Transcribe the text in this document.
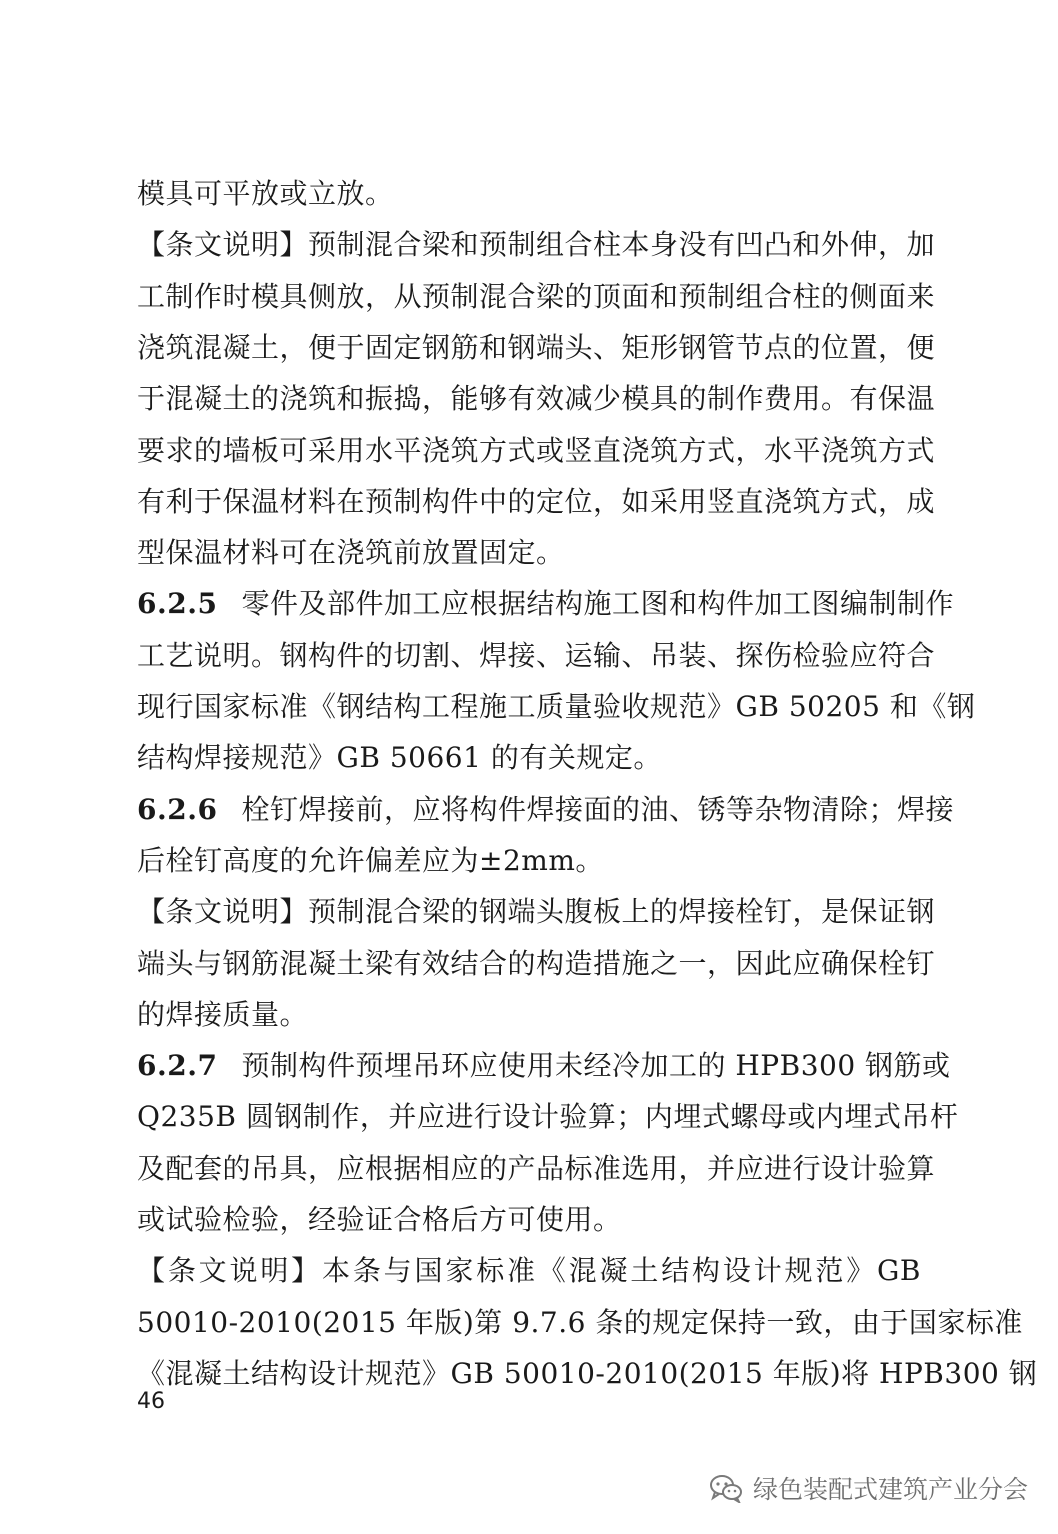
模具可平放或立放。
【条文说明】预制混合梁和预制组合柱本身没有凹凸和外伸，加
工制作时模具侧放，从预制混合梁的顶面和预制组合柱的侧面来
浇筑混凝土，便于固定钢筋和钢端头、矩形钢管节点的位置，便
于混凝土的浇筑和振捣，能够有效减少模具的制作费用。有保温
要求的墙板可采用水平浇筑方式或竖直浇筑方式，水平浇筑方式
有利于保温材料在预制构件中的定位，如采用竖直浇筑方式，成
型保温材料可在浇筑前放置固定。
6.2.5 零件及部件加工应根据结构施工图和构件加工图编制制作
工艺说明。钢构件的切割、焊接、运输、吊装、探伤检验应符合
现行国家标准《钢结构工程施工质量验收规范》GB 50205 和《钢
结构焊接规范》GB 50661 的有关规定。
6.2.6 栓钉焊接前，应将构件焊接面的油、锈等杂物清除；焊接
后栓钉高度的允许偏差应为±2mm。
【条文说明】预制混合梁的钢端头腹板上的焊接栓钉，是保证钢
端头与钢筋混凝土梁有效结合的构造措施之一，因此应确保栓钉
的焊接质量。
6.2.7 预制构件预埋吊环应使用未经冷加工的 HPB300 钢筋或
Q235B 圆钢制作，并应进行设计验算；内埋式螺母或内埋式吊杆
及配套的吊具，应根据相应的产品标准选用，并应进行设计验算
或试验检验，经验证合格后方可使用。
【条文说明】本条与国家标准《混凝土结构设计规范》GB
50010-2010(2015 年版)第 9.7.6 条的规定保持一致，由于国家标准
《混凝土结构设计规范》GB 50010-2010(2015 年版)将 HPB300 钢
46
绿色装配式建筑产业分会
